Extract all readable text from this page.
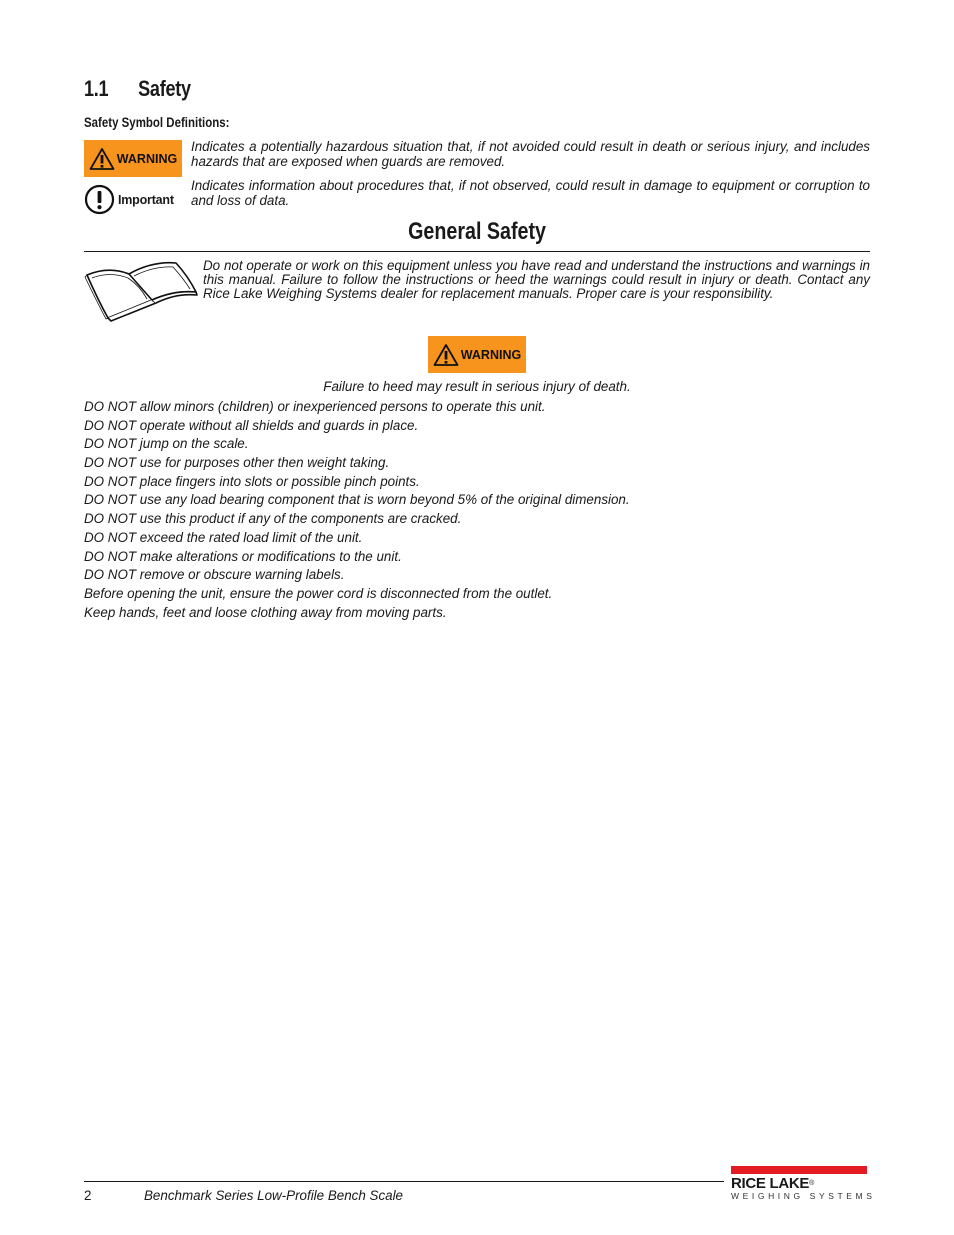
1.1 Safety
Safety Symbol Definitions:
WARNING
Indicates a potentially hazardous situation that, if not avoided could result in death or serious injury, and includes hazards that are exposed when guards are removed.
Important
Indicates information about procedures that, if not observed, could result in damage to equipment or corruption to and loss of data.
General Safety
Do not operate or work on this equipment unless you have read and understand the instructions and warnings in this manual. Failure to follow the instructions or heed the warnings could result in injury or death. Contact any Rice Lake Weighing Systems dealer for replacement manuals. Proper care is your responsibility.
WARNING
Failure to heed may result in serious injury of death.
DO NOT allow minors (children) or inexperienced persons to operate this unit.
DO NOT operate without all shields and guards in place.
DO NOT jump on the scale.
DO NOT use for purposes other then weight taking.
DO NOT place fingers into slots or possible pinch points.
DO NOT use any load bearing component that is worn beyond 5% of the original dimension.
DO NOT use this product if any of the components are cracked.
DO NOT exceed the rated load limit of the unit.
DO NOT make alterations or modifications to the unit.
DO NOT remove or obscure warning labels.
Before opening the unit, ensure the power cord is disconnected from the outlet.
Keep hands, feet and loose clothing away from moving parts.
2	Benchmark Series Low-Profile Bench Scale
RICE LAKE®
WEIGHING SYSTEMS
